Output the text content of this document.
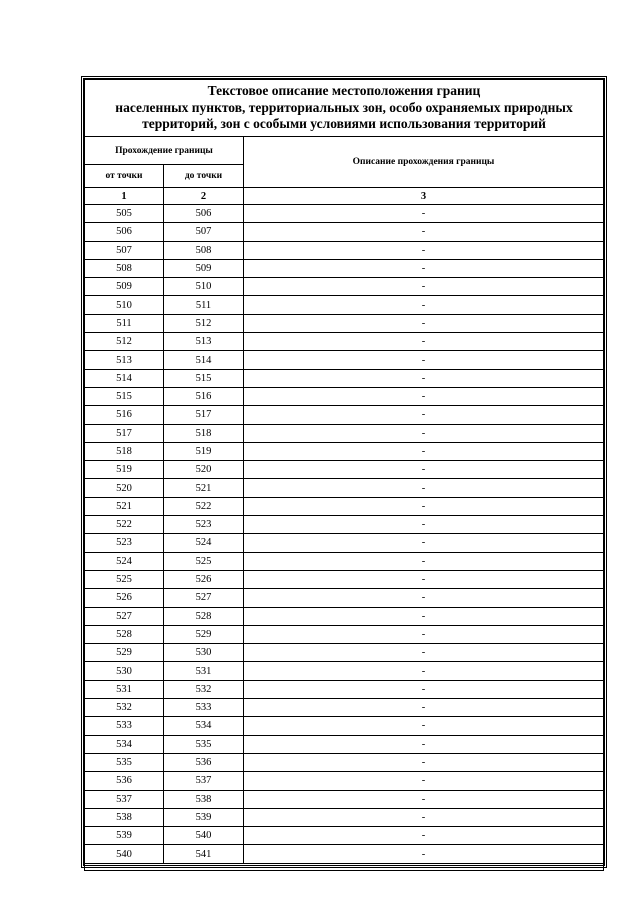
Текстовое описание местоположения границ
населенных пунктов, территориальных зон, особо охраняемых природных
территорий, зон с особыми условиями использования территорий		

Прохождение границы		Описание прохождения границы
от точки	до точки	
1	2	3
505	506	-
506	507	-
507	508	-
508	509	-
509	510	-
510	511	-
511	512	-
512	513	-
513	514	-
514	515	-
515	516	-
516	517	-
517	518	-
518	519	-
519	520	-
520	521	-
521	522	-
522	523	-
523	524	-
524	525	-
525	526	-
526	527	-
527	528	-
528	529	-
529	530	-
530	531	-
531	532	-
532	533	-
533	534	-
534	535	-
535	536	-
536	537	-
537	538	-
538	539	-
539	540	-
540	541	-
